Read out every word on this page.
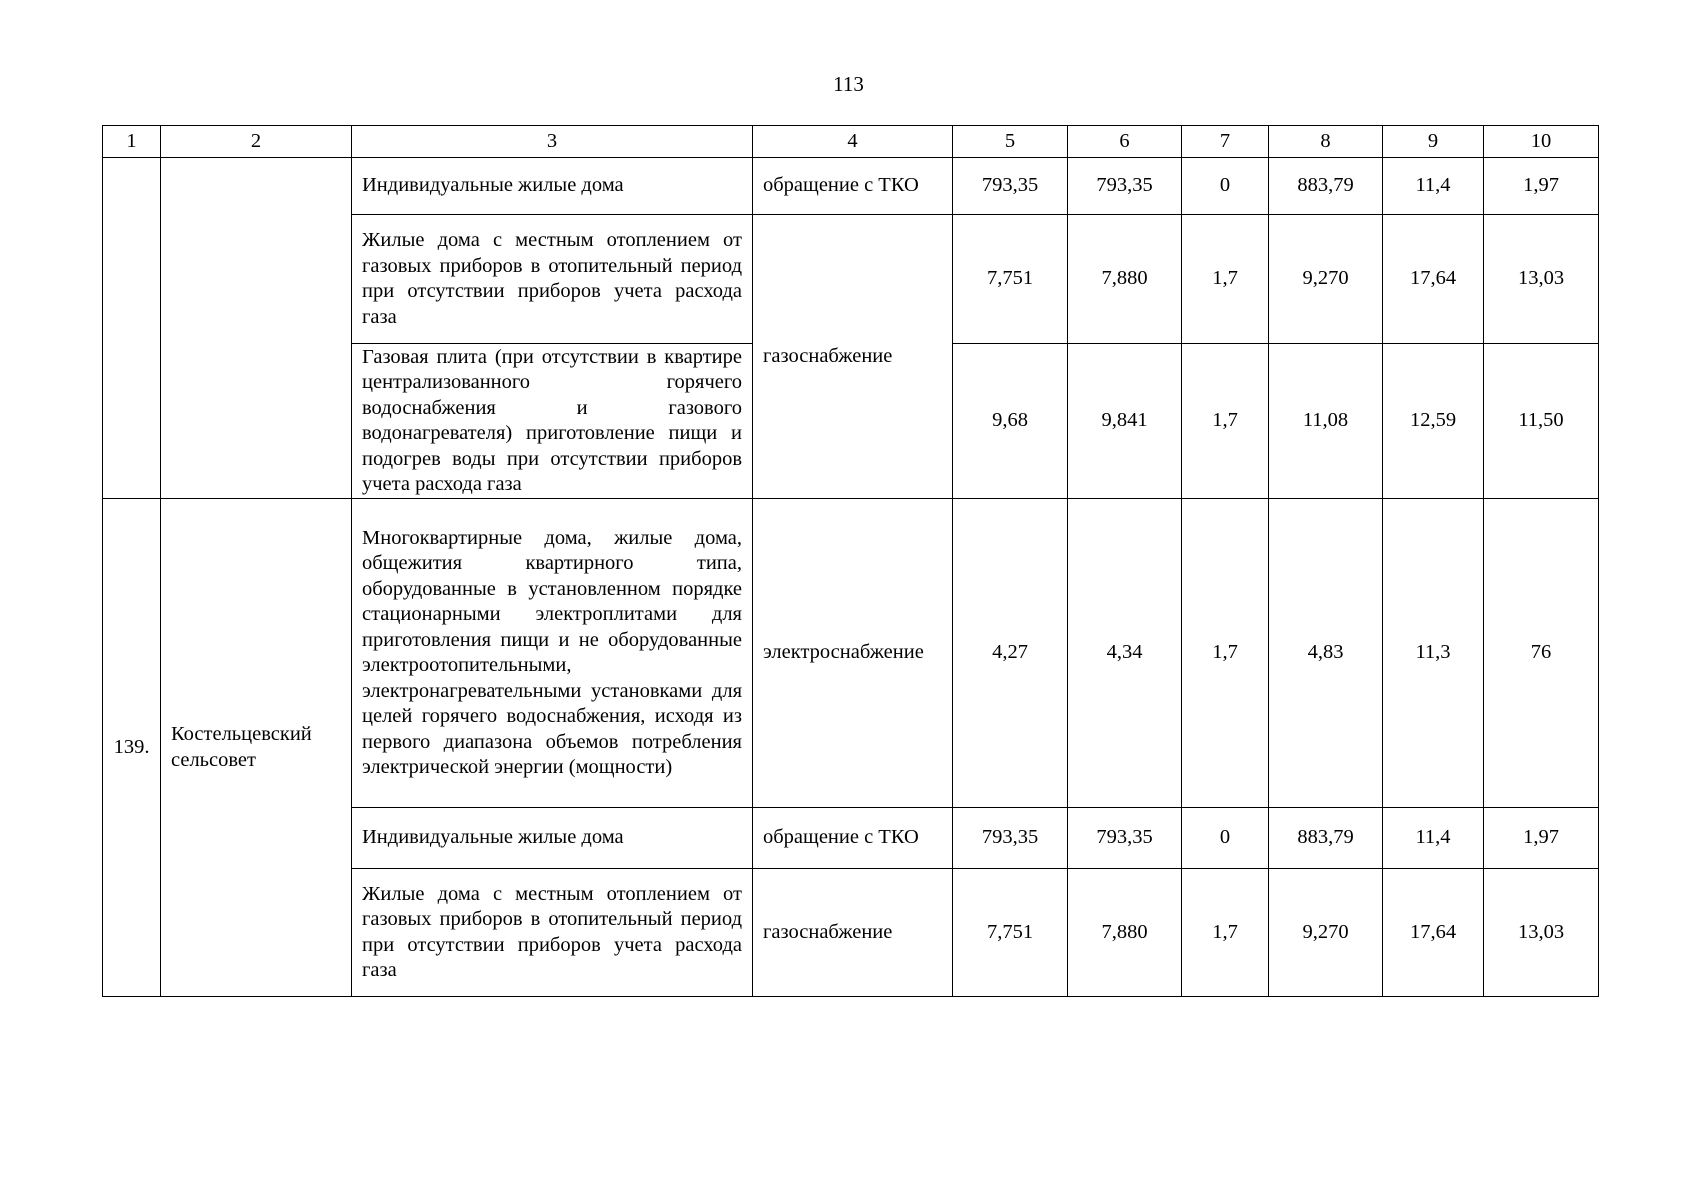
113
1	2	3	4	5	6	7	8	9	10
		Индивидуальные жилые дома	обращение с ТКО	793,35	793,35	0	883,79	11,4	1,97
		Жилые дома с местным отоплением от газовых приборов в отопительный период при отсутствии приборов учета расхода газа	газоснабжение	7,751	7,880	1,7	9,270	17,64	13,03
		Газовая плита (при отсутствии в квартире централизованного горячего водоснабжения и газового водонагревателя) приготовление пищи и подогрев воды при отсутствии приборов учета расхода газа		9,68	9,841	1,7	11,08	12,59	11,50
139.	Костельцевский сельсовет	Многоквартирные дома, жилые дома, общежития квартирного типа, оборудованные в установленном порядке стационарными электроплитами для приготовления пищи и не оборудованные электроотопительными, электронагревательными установками для целей горячего водоснабжения, исходя из первого диапазона объемов потребления электрической энергии (мощности)	электроснабжение	4,27	4,34	1,7	4,83	11,3	76
		Индивидуальные жилые дома	обращение с ТКО	793,35	793,35	0	883,79	11,4	1,97
		Жилые дома с местным отоплением от газовых приборов в отопительный период при отсутствии приборов учета расхода газа	газоснабжение	7,751	7,880	1,7	9,270	17,64	13,03
